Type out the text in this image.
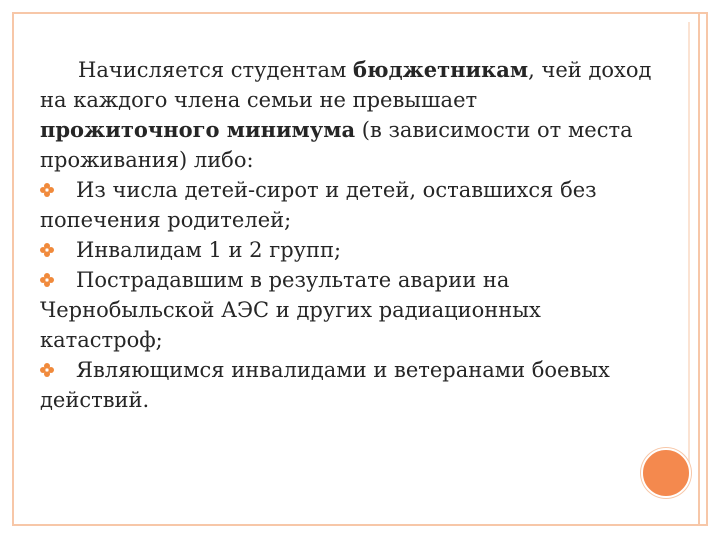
Начисляется студентам бюджетникам, чей доход на каждого члена семьи не превышает прожиточного минимума (в зависимости от места проживания) либо:

Из числа детей-сирот и детей, оставшихся без попечения родителей;

Инвалидам 1 и 2 групп;

Пострадавшим в результате аварии на Чернобыльской АЭС и других радиационных катастроф;

Являющимся инвалидами и ветеранами боевых действий.
